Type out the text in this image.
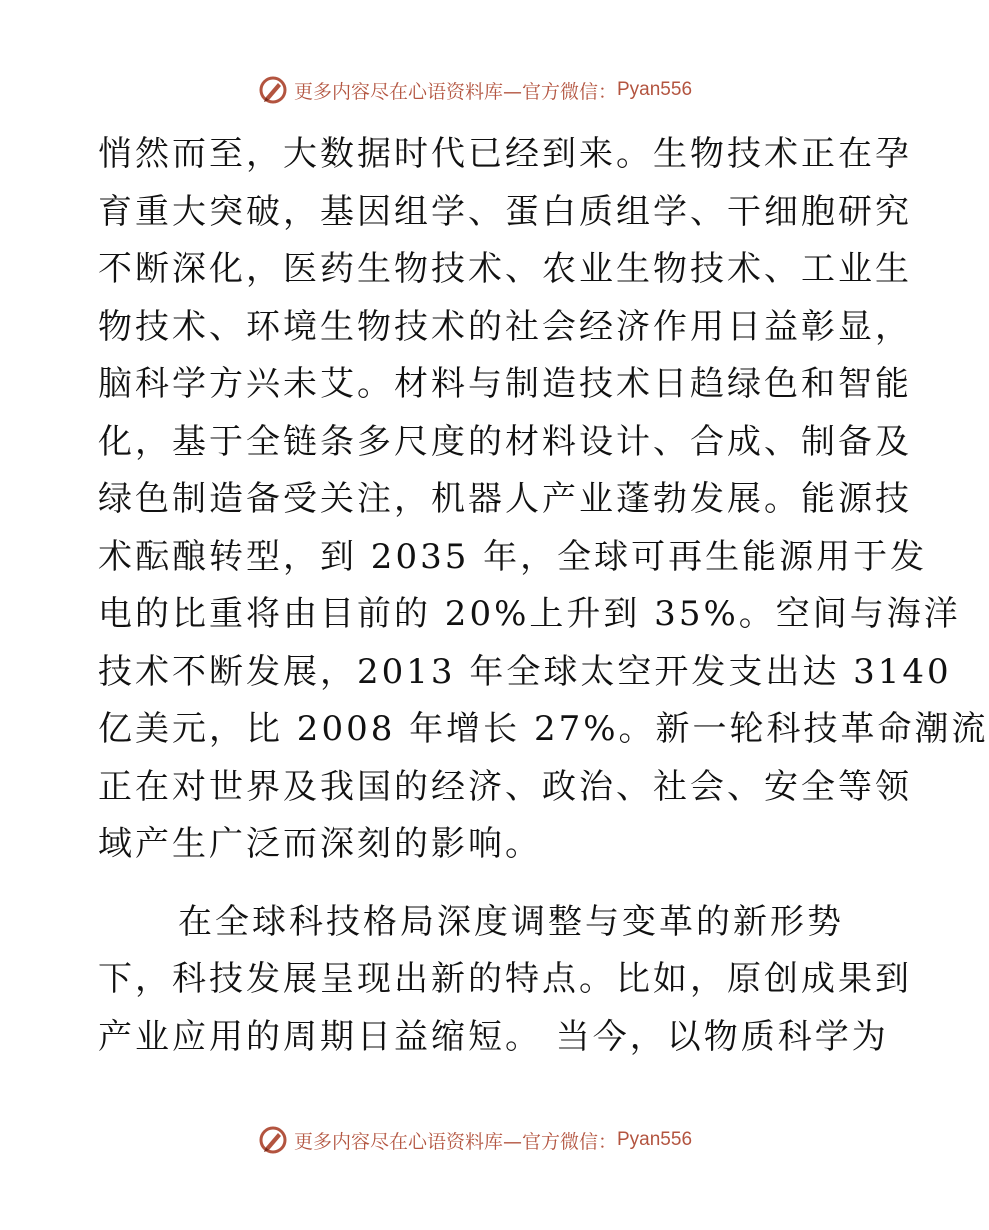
更多内容尽在心语资料库—官方微信： Pyan556
悄然而至，大数据时代已经到来。生物技术正在孕
育重大突破，基因组学、蛋白质组学、干细胞研究
不断深化，医药生物技术、农业生物技术、工业生
物技术、环境生物技术的社会经济作用日益彰显，
脑科学方兴未艾。材料与制造技术日趋绿色和智能
化，基于全链条多尺度的材料设计、合成、制备及
绿色制造备受关注，机器人产业蓬勃发展。能源技
术酝酿转型，到 2035 年，全球可再生能源用于发
电的比重将由目前的 20%上升到 35%。空间与海洋
技术不断发展，2013 年全球太空开发支出达 3140
亿美元，比 2008 年增长 27%。新一轮科技革命潮流
正在对世界及我国的经济、政治、社会、安全等领
域产生广泛而深刻的影响。
在全球科技格局深度调整与变革的新形势
下，科技发展呈现出新的特点。比如，原创成果到
产业应用的周期日益缩短。 当今，以物质科学为
更多内容尽在心语资料库—官方微信： Pyan556
